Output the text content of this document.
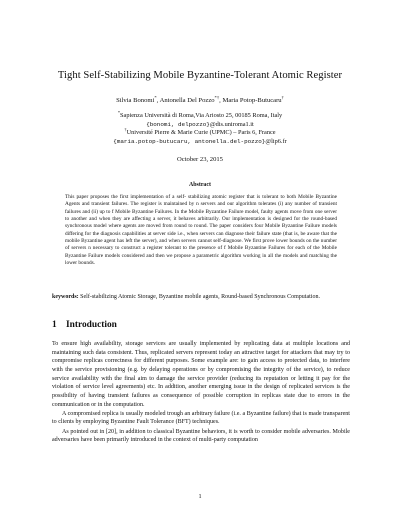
Tight Self-Stabilizing Mobile Byzantine-Tolerant Atomic Register
Silvia Bonomi*, Antonella Del Pozzo*†, Maria Potop-Butucaru†
*Sapienza Università di Roma,Via Ariosto 25, 00185 Roma, Italy
{bonomi, delpozzo}@dis.uniroma1.it
†Université Pierre & Marie Curie (UPMC) – Paris 6, France
{maria.potop-butucaru, antonella.del-pozzo}@lip6.fr
October 23, 2015
Abstract
This paper proposes the first implementation of a self- stabilizing atomic register that is tolerant to both Mobile Byzantine Agents and transient failures. The register is maintained by n servers and our algorithm tolerates (i) any number of transient failures and (ii) up to f Mobile Byzantine Failures. In the Mobile Byzantine Failure model, faulty agents move from one server to another and when they are affecting a server, it behaves arbitrarily. Our implementation is designed for the round-based synchronous model where agents are moved from round to round. The paper considers four Mobile Byzantine Failure models differing for the diagnosis capabilities at server side i.e., when servers can diagnose their failure state (that is, be aware that the mobile Byzantine agent has left the server), and when servers cannot self-diagnose. We first prove lower bounds on the number of servers n necessary to construct a register tolerant to the presence of f Mobile Byzantine Failures for each of the Mobile Byzantine Failure models considered and then we propose a parametric algorithm working in all the models and matching the lower bounds.
keywords: Self-stabilizing Atomic Storage, Byzantine mobile agents, Round-based Synchronous Computation.
1 Introduction

To ensure high availability, storage services are usually implemented by replicating data at multiple locations and maintaining such data consistent. Thus, replicated servers represent today an attractive target for attackers that may try to compromise replicas correctness for different purposes. Some example are: to gain access to protected data, to interfere with the service provisioning (e.g. by delaying operations or by compromising the integrity of the service), to reduce service availability with the final aim to damage the service provider (reducing its reputation or letting it pay for the violation of service level agreements) etc. In addition, another emerging issue in the design of replicated services is the possibility of having transient failures as consequence of possible corruption in replicas state due to errors in the communication or in the computation.

A compromised replica is usually modeled trough an arbitrary failure (i.e. a Byzantine failure) that is made transparent to clients by employing Byzantine Fault Tolerance (BFT) techniques.

As pointed out in [20], in addition to classical Byzantine behaviors, it is worth to consider mobile adversaries. Mobile adversaries have been primarily introduced in the context of multi-party computation

1
